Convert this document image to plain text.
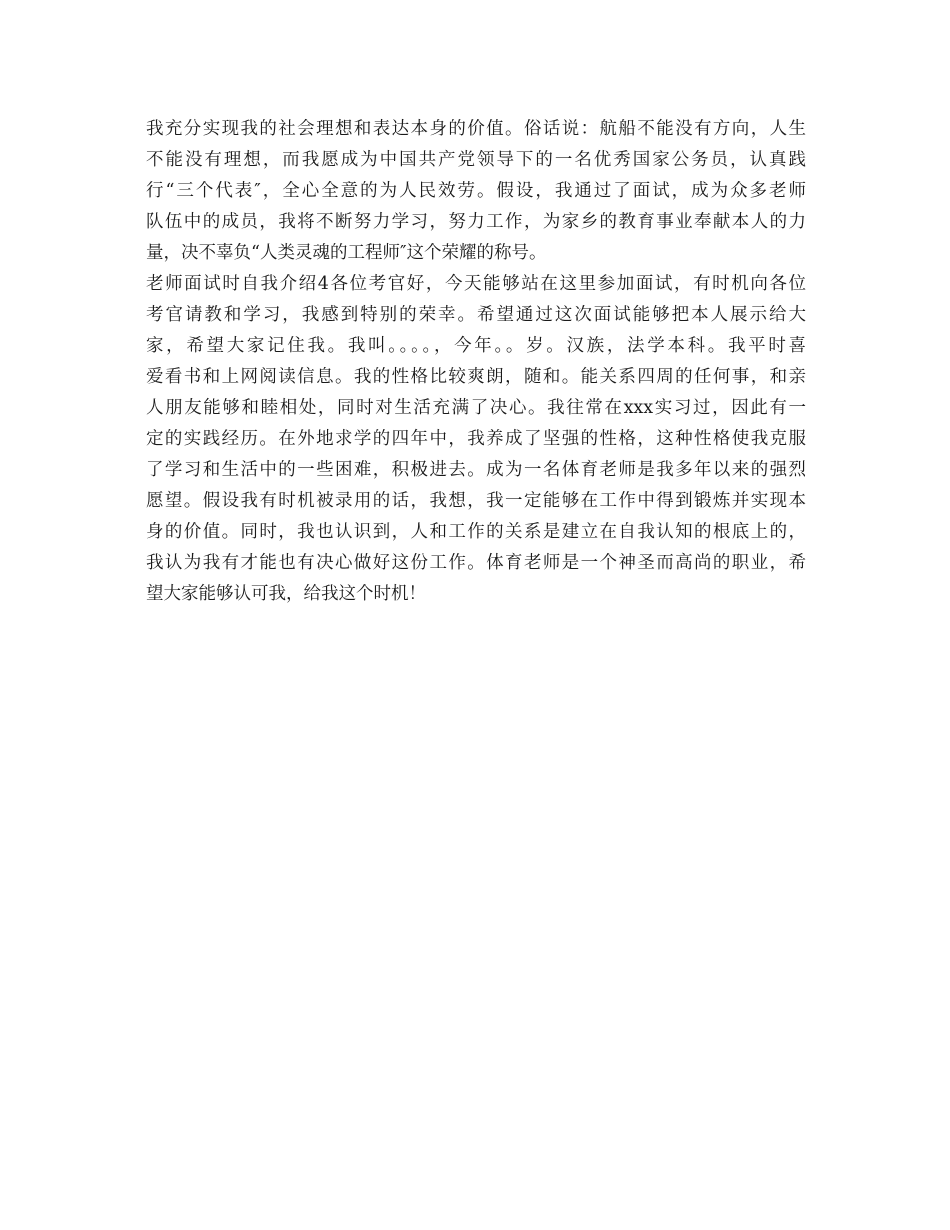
我充分实现我的社会理想和表达本身的价值。俗话说：航船不能没有方向，人生
不能没有理想，而我愿成为中国共产党领导下的一名优秀国家公务员，认真践
行“三个代表″，全心全意的为人民效劳。假设，我通过了面试，成为众多老师
队伍中的成员，我将不断努力学习，努力工作，为家乡的教育事业奉献本人的力
量，决不辜负“人类灵魂的工程师″这个荣耀的称号。
老师面试时自我介绍4各位考官好，今天能够站在这里参加面试，有时机向各位
考官请教和学习，我感到特别的荣幸。希望通过这次面试能够把本人展示给大
家，希望大家记住我。我叫。。。。，今年。。岁。汉族，法学本科。我平时喜
爱看书和上网阅读信息。我的性格比较爽朗，随和。能关系四周的任何事，和亲
人朋友能够和睦相处，同时对生活充满了决心。我往常在xxx实习过，因此有一
定的实践经历。在外地求学的四年中，我养成了坚强的性格，这种性格使我克服
了学习和生活中的一些困难，积极进去。成为一名体育老师是我多年以来的强烈
愿望。假设我有时机被录用的话，我想，我一定能够在工作中得到锻炼并实现本
身的价值。同时，我也认识到，人和工作的关系是建立在自我认知的根底上的，
我认为我有才能也有决心做好这份工作。体育老师是一个神圣而高尚的职业，希
望大家能够认可我，给我这个时机！
